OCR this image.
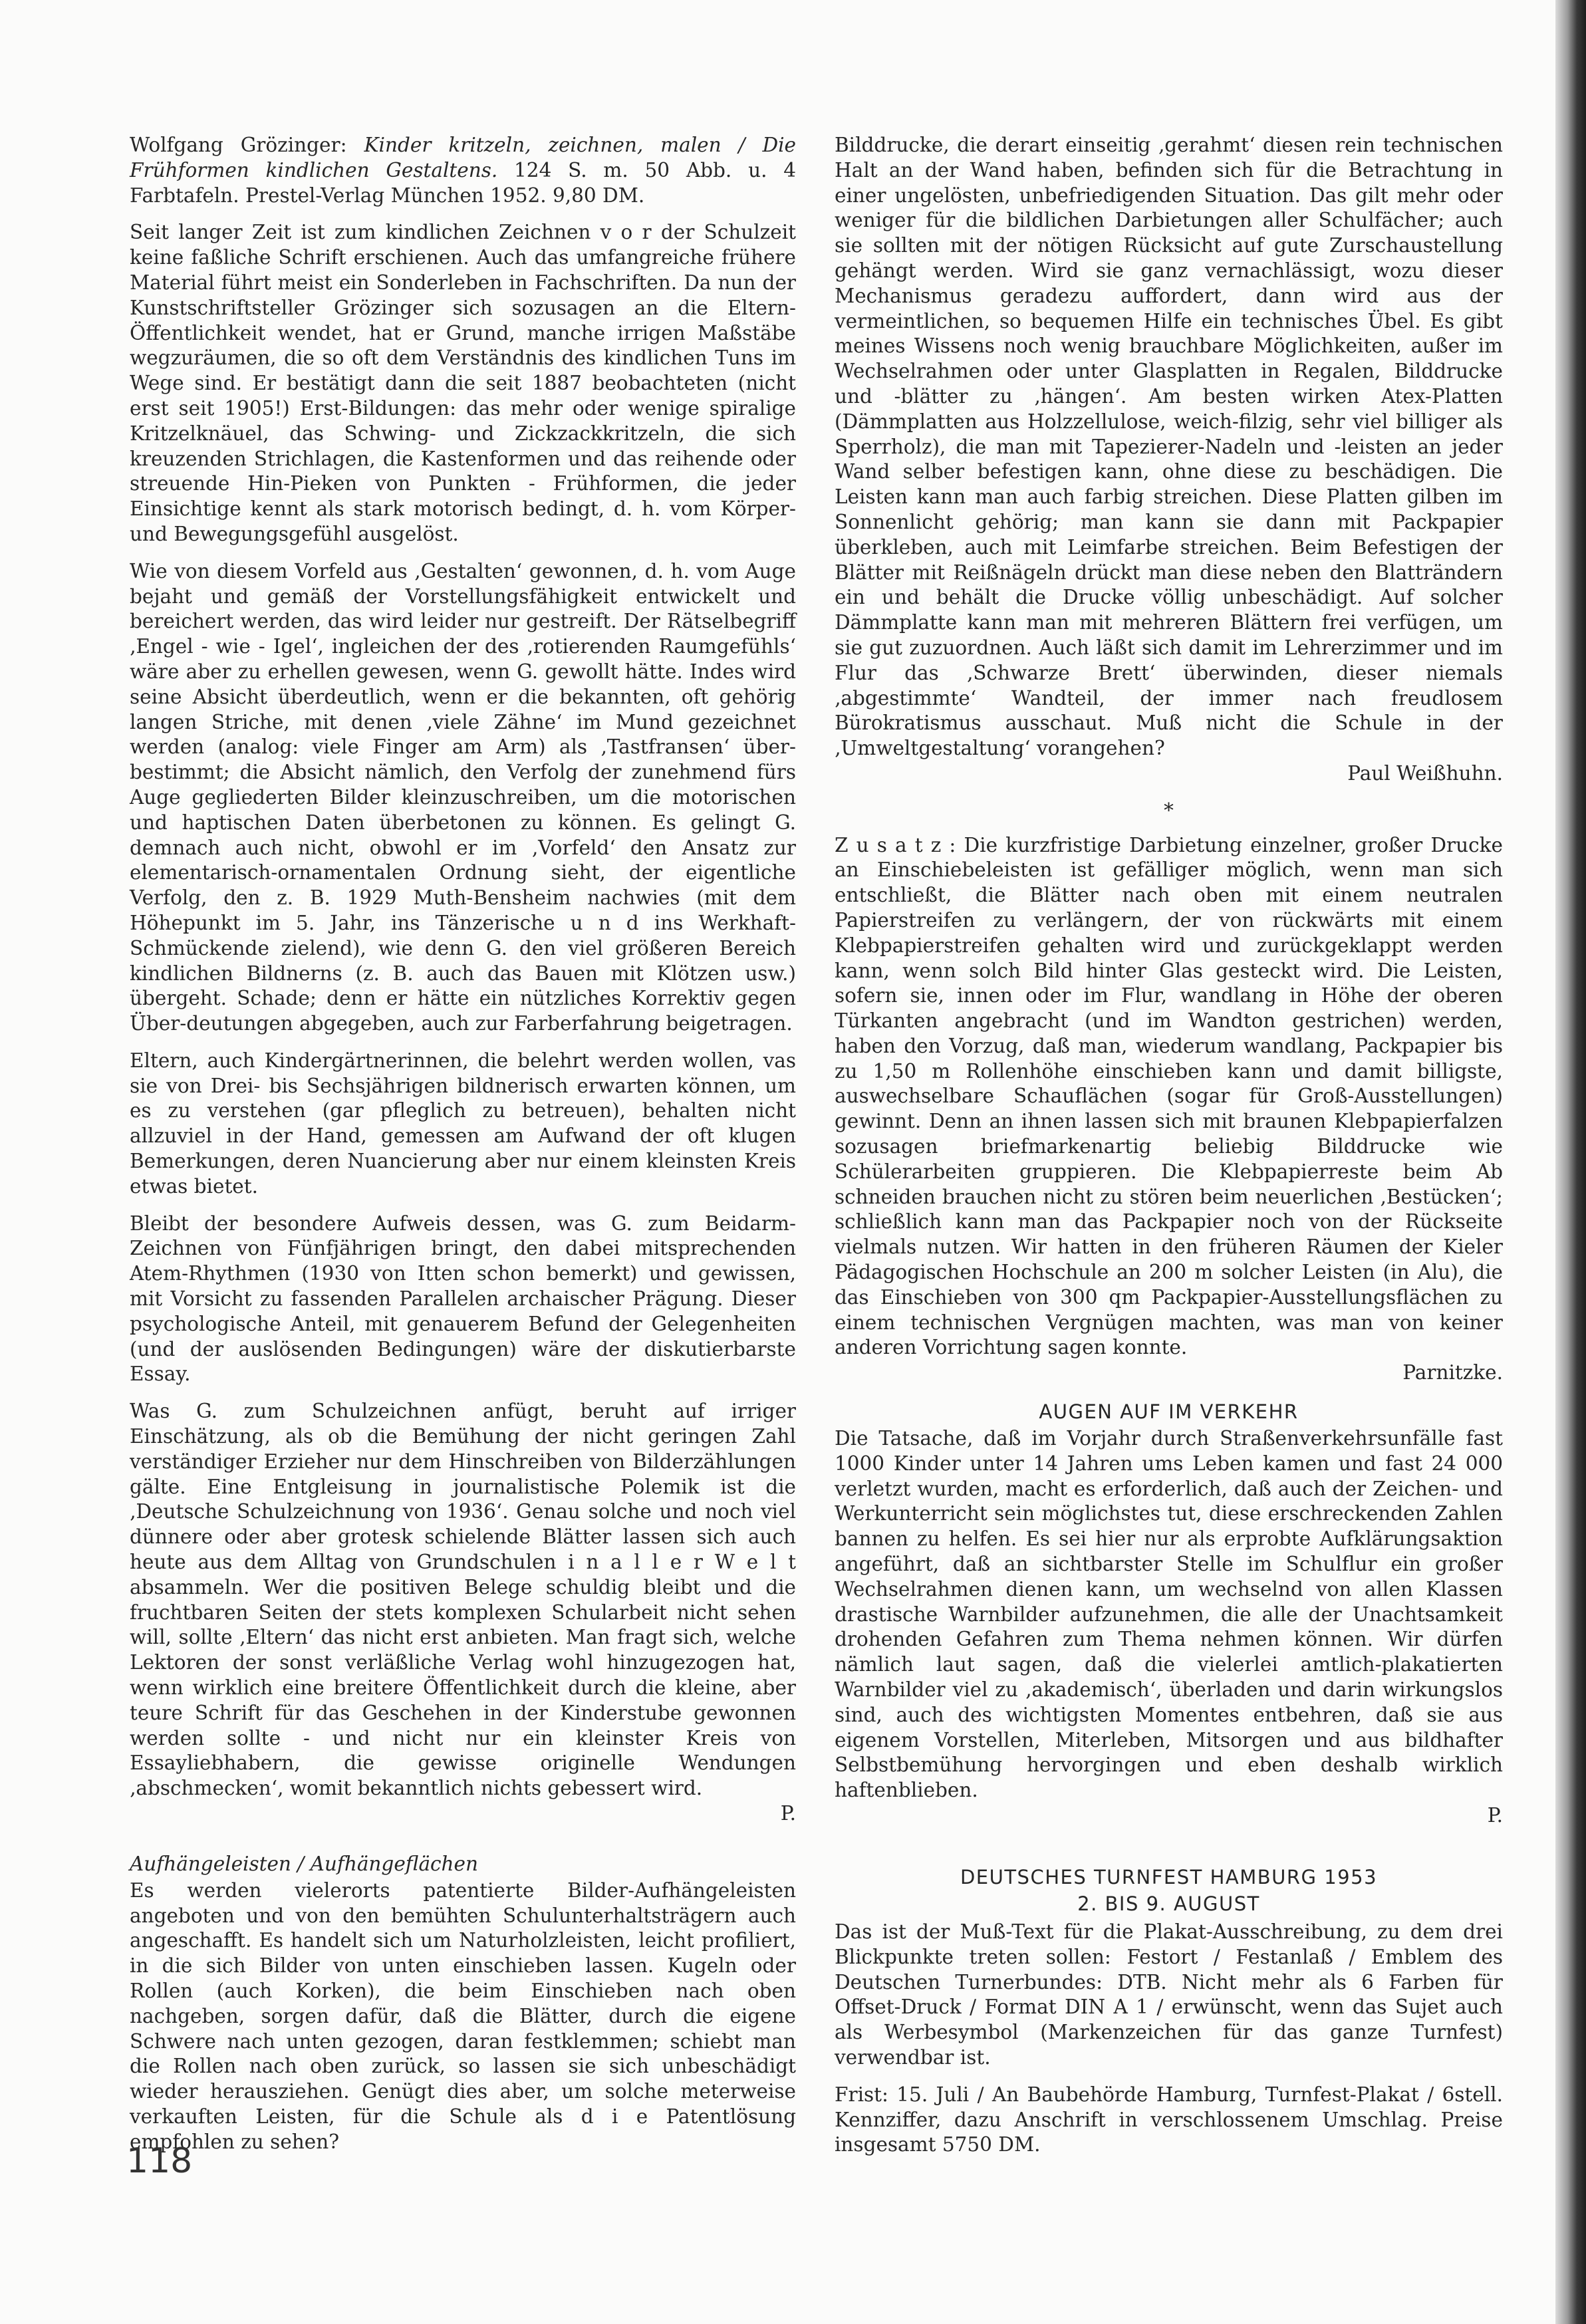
Wolfgang Grözinger: Kinder kritzeln, zeichnen, malen / Die Frühformen kindlichen Gestaltens. 124 S. m. 50 Abb. u. 4 Farbtafeln. Prestel-Verlag München 1952. 9,80 DM.

Seit langer Zeit ist zum kindlichen Zeichnen v o r der Schulzeit keine faßliche Schrift erschienen. Auch das umfangreiche frühere Material führt meist ein Sonderleben in Fachschriften. Da nun der Kunstschriftsteller Grözinger sich sozusagen an die Eltern-Öffentlichkeit wendet, hat er Grund, manche irrigen Maßstäbe wegzuräumen, die so oft dem Verständnis des kindlichen Tuns im Wege sind. Er bestätigt dann die seit 1887 beobachteten (nicht erst seit 1905!) Erst-Bildungen: das mehr oder wenige spiralige Kritzelknäuel, das Schwing- und Zickzackkritzeln, die sich kreuzenden Strichlagen, die Kastenformen und das reihende oder streuende Hin-Pieken von Punkten - Frühformen, die jeder Einsichtige kennt als stark motorisch bedingt, d. h. vom Körper- und Bewegungsgefühl ausgelöst.

Wie von diesem Vorfeld aus ‚Gestalten‘ gewonnen, d. h. vom Auge bejaht und gemäß der Vorstellungsfähigkeit entwickelt und bereichert werden, das wird leider nur gestreift. Der Rätselbegriff ‚Engel - wie - Igel‘, ingleichen der des ‚rotierenden Raumgefühls‘ wäre aber zu erhellen gewesen, wenn G. gewollt hätte. Indes wird seine Absicht überdeutlich, wenn er die bekannten, oft gehörig langen Striche, mit denen ‚viele Zähne‘ im Mund gezeichnet werden (analog: viele Finger am Arm) als ‚Tastfransen‘ über-bestimmt; die Absicht nämlich, den Verfolg der zunehmend fürs Auge gegliederten Bilder kleinzuschreiben, um die motorischen und haptischen Daten überbetonen zu können. Es gelingt G. demnach auch nicht, obwohl er im ‚Vorfeld‘ den Ansatz zur elementarisch-ornamentalen Ordnung sieht, der eigentliche Verfolg, den z. B. 1929 Muth-Bensheim nachwies (mit dem Höhepunkt im 5. Jahr, ins Tänzerische u n d ins Werkhaft-Schmückende zielend), wie denn G. den viel größeren Bereich kindlichen Bildnerns (z. B. auch das Bauen mit Klötzen usw.) übergeht. Schade; denn er hätte ein nützliches Korrektiv gegen Über-deutungen abgegeben, auch zur Farberfahrung beigetragen.

Eltern, auch Kindergärtnerinnen, die belehrt werden wollen, vas sie von Drei- bis Sechsjährigen bildnerisch erwarten können, um es zu verstehen (gar pfleglich zu betreuen), behalten nicht allzuviel in der Hand, gemessen am Aufwand der oft klugen Bemerkungen, deren Nuancierung aber nur einem kleinsten Kreis etwas bietet.

Bleibt der besondere Aufweis dessen, was G. zum Beidarm-Zeichnen von Fünfjährigen bringt, den dabei mitsprechenden Atem-Rhythmen (1930 von Itten schon bemerkt) und gewissen, mit Vorsicht zu fassenden Parallelen archaischer Prägung. Dieser psychologische Anteil, mit genauerem Befund der Gelegenheiten (und der auslösenden Bedingungen) wäre der diskutierbarste Essay.

Was G. zum Schulzeichnen anfügt, beruht auf irriger Einschätzung, als ob die Bemühung der nicht geringen Zahl verständiger Erzieher nur dem Hinschreiben von Bilderzählungen gälte. Eine Entgleisung in journalistische Polemik ist die ‚Deutsche Schulzeichnung von 1936‘. Genau solche und noch viel dünnere oder aber grotesk schielende Blätter lassen sich auch heute aus dem Alltag von Grundschulen i n a l l e r W e l t absammeln. Wer die positiven Belege schuldig bleibt und die fruchtbaren Seiten der stets komplexen Schularbeit nicht sehen will, sollte ‚Eltern‘ das nicht erst anbieten. Man fragt sich, welche Lektoren der sonst verläßliche Verlag wohl hinzugezogen hat, wenn wirklich eine breitere Öffentlichkeit durch die kleine, aber teure Schrift für das Geschehen in der Kinderstube gewonnen werden sollte - und nicht nur ein kleinster Kreis von Essayliebhabern, die gewisse originelle Wendungen ‚abschmecken‘, womit bekanntlich nichts gebessert wird.
P.

Bilddrucke, die derart einseitig ‚gerahmt‘ diesen rein technischen Halt an der Wand haben, befinden sich für die Betrachtung in einer ungelösten, unbefriedigenden Situation. Das gilt mehr oder weniger für die bildlichen Darbietungen aller Schulfächer; auch sie sollten mit der nötigen Rücksicht auf gute Zurschaustellung gehängt werden. Wird sie ganz vernachlässigt, wozu dieser Mechanismus geradezu auffordert, dann wird aus der vermeintlichen, so bequemen Hilfe ein technisches Übel. Es gibt meines Wissens noch wenig brauchbare Möglichkeiten, außer im Wechselrahmen oder unter Glasplatten in Regalen, Bilddrucke und -blätter zu ‚hängen‘. Am besten wirken Atex-Platten (Dämmplatten aus Holzzellulose, weich-filzig, sehr viel billiger als Sperrholz), die man mit Tapezierer-Nadeln und -leisten an jeder Wand selber befestigen kann, ohne diese zu beschädigen. Die Leisten kann man auch farbig streichen. Diese Platten gilben im Sonnenlicht gehörig; man kann sie dann mit Packpapier überkleben, auch mit Leimfarbe streichen. Beim Befestigen der Blätter mit Reißnägeln drückt man diese neben den Blatträndern ein und behält die Drucke völlig unbeschädigt. Auf solcher Dämmplatte kann man mit mehreren Blättern frei verfügen, um sie gut zuzuordnen. Auch läßt sich damit im Lehrerzimmer und im Flur das ‚Schwarze Brett‘ überwinden, dieser niemals ‚abgestimmte‘ Wandteil, der immer nach freudlosem Bürokratismus ausschaut. Muß nicht die Schule in der ‚Umweltgestaltung‘ vorangehen?
Paul Weißhuhn.

*

Z u s a t z : Die kurzfristige Darbietung einzelner, großer Drucke an Einschiebeleisten ist gefälliger möglich, wenn man sich entschließt, die Blätter nach oben mit einem neutralen Papierstreifen zu verlängern, der von rückwärts mit einem Klebpapierstreifen gehalten wird und zurückgeklappt werden kann, wenn solch Bild hinter Glas gesteckt wird. Die Leisten, sofern sie, innen oder im Flur, wandlang in Höhe der oberen Türkanten angebracht (und im Wandton gestrichen) werden, haben den Vorzug, daß man, wiederum wandlang, Packpapier bis zu 1,50 m Rollenhöhe einschieben kann und damit billigste, auswechselbare Schauflächen (sogar für Groß-Ausstellungen) gewinnt. Denn an ihnen lassen sich mit braunen Klebpapierfalzen sozusagen briefmarkenartig beliebig Bilddrucke wie Schülerarbeiten gruppieren. Die Klebpapierreste beim Ab schneiden brauchen nicht zu stören beim neuerlichen ‚Bestücken‘; schließlich kann man das Packpapier noch von der Rückseite vielmals nutzen. Wir hatten in den früheren Räumen der Kieler Pädagogischen Hochschule an 200 m solcher Leisten (in Alu), die das Einschieben von 300 qm Packpapier-Ausstellungsflächen zu einem technischen Vergnügen machten, was man von keiner anderen Vorrichtung sagen konnte.
Parnitzke.

AUGEN AUF IM VERKEHR

Die Tatsache, daß im Vorjahr durch Straßenverkehrsunfälle fast 1000 Kinder unter 14 Jahren ums Leben kamen und fast 24 000 verletzt wurden, macht es erforderlich, daß auch der Zeichen- und Werkunterricht sein möglichstes tut, diese erschreckenden Zahlen bannen zu helfen. Es sei hier nur als erprobte Aufklärungsaktion angeführt, daß an sichtbarster Stelle im Schulflur ein großer Wechselrahmen dienen kann, um wechselnd von allen Klassen drastische Warnbilder aufzunehmen, die alle der Unachtsamkeit drohenden Gefahren zum Thema nehmen können. Wir dürfen nämlich laut sagen, daß die vielerlei amtlich-plakatierten Warnbilder viel zu ‚akademisch‘, überladen und darin wirkungslos sind, auch des wichtigsten Momentes entbehren, daß sie aus eigenem Vorstellen, Miterleben, Mitsorgen und aus bildhafter Selbstbemühung hervorgingen und eben deshalb wirklich haftenblieben.
P.

Aufhängeleisten / Aufhängeflächen

Es werden vielerorts patentierte Bilder-Aufhängeleisten angeboten und von den bemühten Schulunterhaltsträgern auch angeschafft. Es handelt sich um Naturholzleisten, leicht profiliert, in die sich Bilder von unten einschieben lassen. Kugeln oder Rollen (auch Korken), die beim Einschieben nach oben nachgeben, sorgen dafür, daß die Blätter, durch die eigene Schwere nach unten gezogen, daran festklemmen; schiebt man die Rollen nach oben zurück, so lassen sie sich unbeschädigt wieder herausziehen. Genügt dies aber, um solche meterweise verkauften Leisten, für die Schule als d i e Patentlösung empfohlen zu sehen?

DEUTSCHES TURNFEST HAMBURG 1953
2. BIS 9. AUGUST

Das ist der Muß-Text für die Plakat-Ausschreibung, zu dem drei Blickpunkte treten sollen: Festort / Festanlaß / Emblem des Deutschen Turnerbundes: DTB. Nicht mehr als 6 Farben für Offset-Druck / Format DIN A 1 / erwünscht, wenn das Sujet auch als Werbesymbol (Markenzeichen für das ganze Turnfest) verwendbar ist.

Frist: 15. Juli / An Baubehörde Hamburg, Turnfest-Plakat / 6stell. Kennziffer, dazu Anschrift in verschlossenem Umschlag. Preise insgesamt 5750 DM.

118
